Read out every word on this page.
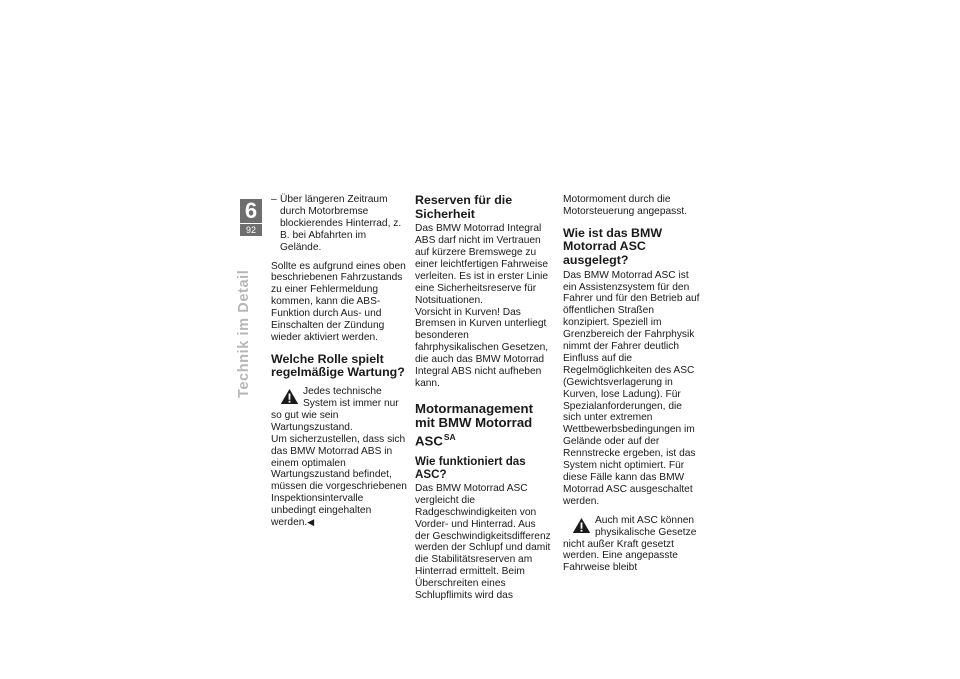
6
92
Technik im Detail

– Über längeren Zeitraum durch Motorbremse blockierendes Hinterrad, z. B. bei Abfahrten im Gelände.

Sollte es aufgrund eines oben beschriebenen Fahrzustands zu einer Fehlermeldung kommen, kann die ABS-Funktion durch Aus- und Einschalten der Zündung wieder aktiviert werden.

Welche Rolle spielt regelmäßige Wartung?

Jedes technische System ist immer nur so gut wie sein Wartungszustand.

Um sicherzustellen, dass sich das BMW Motorrad ABS in einem optimalen Wartungszustand befindet, müssen die vorgeschriebenen Inspektionsintervalle unbedingt eingehalten werden.◀

Reserven für die Sicherheit

Das BMW Motorrad Integral ABS darf nicht im Vertrauen auf kürzere Bremswege zu einer leichtfertigen Fahrweise verleiten. Es ist in erster Linie eine Sicherheitsreserve für Notsituationen.

Vorsicht in Kurven! Das Bremsen in Kurven unterliegt besonderen fahrphysikalischen Gesetzen, die auch das BMW Motorrad Integral ABS nicht aufheben kann.

Motormanagement mit BMW Motorrad $ASC^{SA}$
Wie funktioniert das ASC?

Das BMW Motorrad ASC vergleicht die Radgeschwindigkeiten von Vorder- und Hinterrad. Aus der Geschwindigkeitsdifferenz werden der Schlupf und damit die Stabilitätsreserven am Hinterrad ermittelt. Beim Überschreiten eines Schlupflimits wird das

Motormoment durch die Motorsteuerung angepasst.

Wie ist das BMW Motorrad ASC ausgelegt?

Das BMW Motorrad ASC ist ein Assistenzsystem für den Fahrer und für den Betrieb auf öffentlichen Straßen konzipiert. Speziell im Grenzbereich der Fahrphysik nimmt der Fahrer deutlich Einfluss auf die Regelmöglichkeiten des ASC (Gewichtsverlagerung in Kurven, lose Ladung). Für Spezialanforderungen, die sich unter extremen Wettbewerbsbedingungen im Gelände oder auf der Rennstrecke ergeben, ist das System nicht optimiert. Für diese Fälle kann das BMW Motorrad ASC ausgeschaltet werden.

Auch mit ASC können physikalische Gesetze nicht außer Kraft gesetzt werden. Eine angepasste Fahrweise bleibt
